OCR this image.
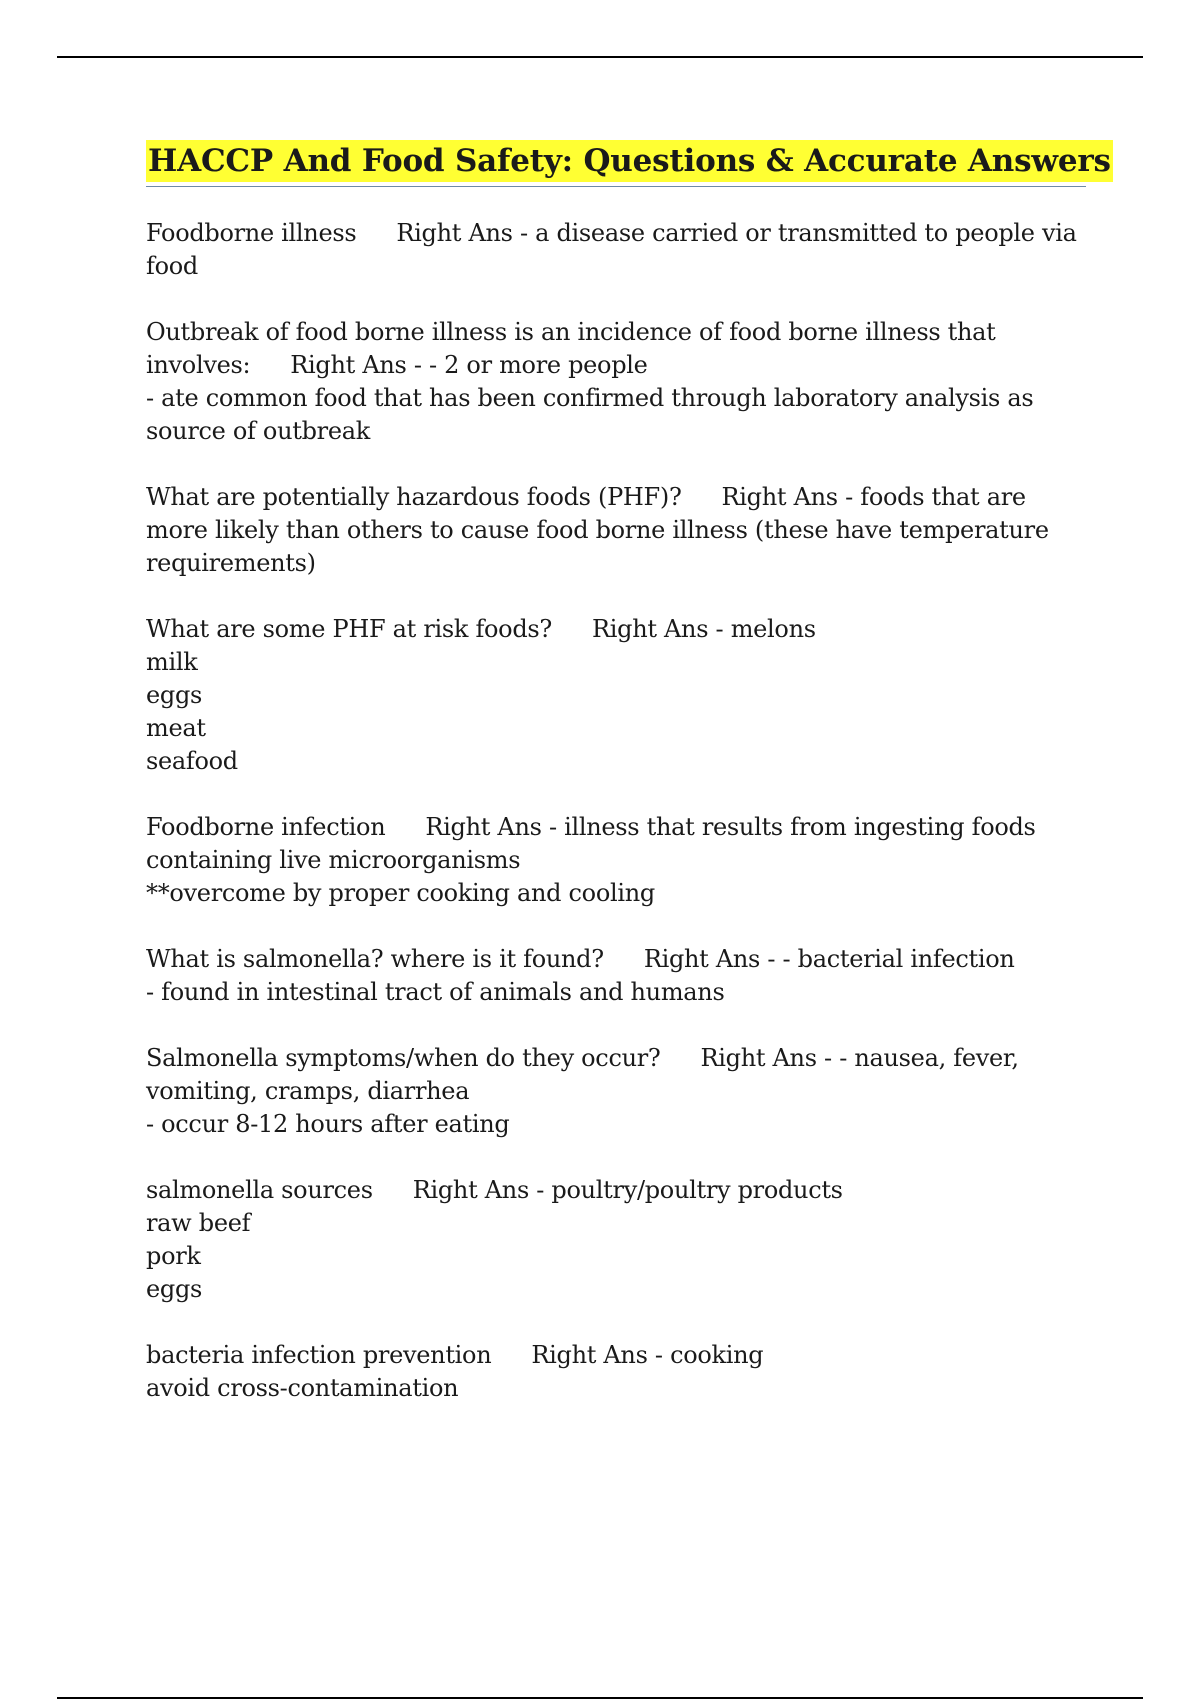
HACCP And Food Safety: Questions & Accurate Answers
Foodborne illness Right Ans - a disease carried or transmitted to people via
food
Outbreak of food borne illness is an incidence of food borne illness that
involves: Right Ans - - 2 or more people
- ate common food that has been confirmed through laboratory analysis as
source of outbreak
What are potentially hazardous foods (PHF)? Right Ans - foods that are
more likely than others to cause food borne illness (these have temperature
requirements)
What are some PHF at risk foods? Right Ans - melons
milk
eggs
meat
seafood
Foodborne infection Right Ans - illness that results from ingesting foods
containing live microorganisms
**overcome by proper cooking and cooling
What is salmonella? where is it found? Right Ans - - bacterial infection
- found in intestinal tract of animals and humans
Salmonella symptoms/when do they occur? Right Ans - - nausea, fever,
vomiting, cramps, diarrhea
- occur 8-12 hours after eating
salmonella sources Right Ans - poultry/poultry products
raw beef
pork
eggs
bacteria infection prevention Right Ans - cooking
avoid cross-contamination
